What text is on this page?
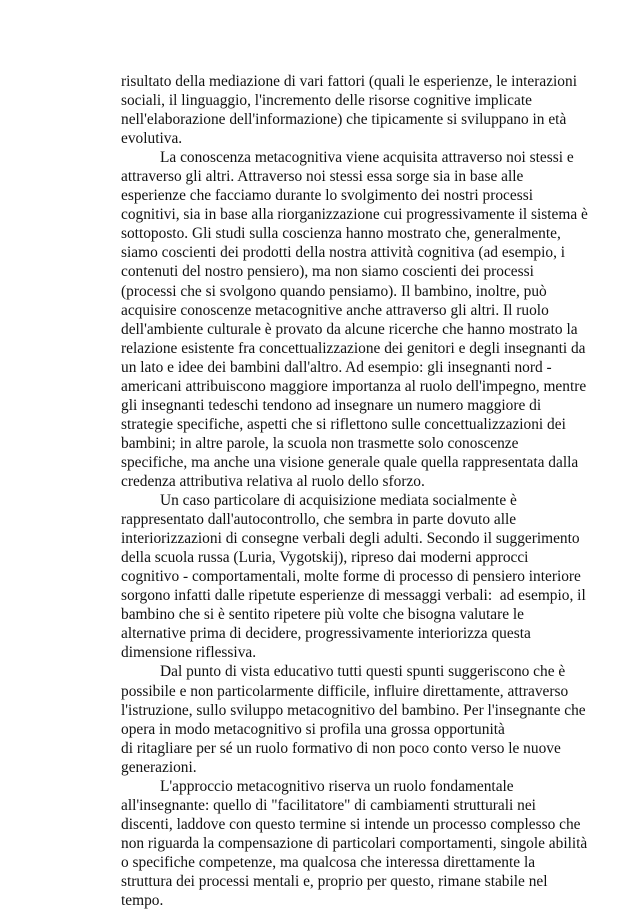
risultato della mediazione di vari fattori (quali le esperienze, le interazioni
sociali, il linguaggio, l'incremento delle risorse cognitive implicate
nell'elaborazione dell'informazione) che tipicamente si sviluppano in età
evolutiva.
La conoscenza metacognitiva viene acquisita attraverso noi stessi e
attraverso gli altri. Attraverso noi stessi essa sorge sia in base alle
esperienze che facciamo durante lo svolgimento dei nostri processi
cognitivi, sia in base alla riorganizzazione cui progressivamente il sistema è
sottoposto. Gli studi sulla coscienza hanno mostrato che, generalmente,
siamo coscienti dei prodotti della nostra attività cognitiva (ad esempio, i
contenuti del nostro pensiero), ma non siamo coscienti dei processi
(processi che si svolgono quando pensiamo). Il bambino, inoltre, può
acquisire conoscenze metacognitive anche attraverso gli altri. Il ruolo
dell'ambiente culturale è provato da alcune ricerche che hanno mostrato la
relazione esistente fra concettualizzazione dei genitori e degli insegnanti da
un lato e idee dei bambini dall'altro. Ad esempio: gli insegnanti nord -
americani attribuiscono maggiore importanza al ruolo dell'impegno, mentre
gli insegnanti tedeschi tendono ad insegnare un numero maggiore di
strategie specifiche, aspetti che si riflettono sulle concettualizzazioni dei
bambini; in altre parole, la scuola non trasmette solo conoscenze
specifiche, ma anche una visione generale quale quella rappresentata dalla
credenza attributiva relativa al ruolo dello sforzo.
Un caso particolare di acquisizione mediata socialmente è
rappresentato dall'autocontrollo, che sembra in parte dovuto alle
interiorizzazioni di consegne verbali degli adulti. Secondo il suggerimento
della scuola russa (Luria, Vygotskij), ripreso dai moderni approcci
cognitivo - comportamentali, molte forme di processo di pensiero interiore
sorgono infatti dalle ripetute esperienze di messaggi verbali:  ad esempio, il
bambino che si è sentito ripetere più volte che bisogna valutare le
alternative prima di decidere, progressivamente interiorizza questa
dimensione riflessiva.
Dal punto di vista educativo tutti questi spunti suggeriscono che è
possibile e non particolarmente difficile, influire direttamente, attraverso
l'istruzione, sullo sviluppo metacognitivo del bambino. Per l'insegnante che
opera in modo metacognitivo si profila una grossa opportunità
di ritagliare per sé un ruolo formativo di non poco conto verso le nuove
generazioni.
L'approccio metacognitivo riserva un ruolo fondamentale
all'insegnante: quello di "facilitatore" di cambiamenti strutturali nei
discenti, laddove con questo termine si intende un processo complesso che
non riguarda la compensazione di particolari comportamenti, singole abilità
o specifiche competenze, ma qualcosa che interessa direttamente la
struttura dei processi mentali e, proprio per questo, rimane stabile nel
tempo.
